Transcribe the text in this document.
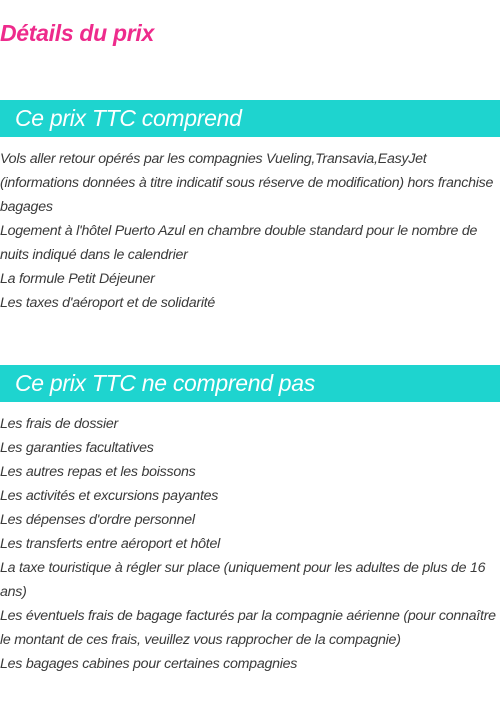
Détails du prix
Ce prix TTC comprend
Vols aller retour opérés par les compagnies Vueling,Transavia,EasyJet (informations données à titre indicatif sous réserve de modification) hors franchise bagages
Logement à l'hôtel Puerto Azul en chambre double standard pour le nombre de nuits indiqué dans le calendrier
La formule Petit Déjeuner
Les taxes d'aéroport et de solidarité
Ce prix TTC ne comprend pas
Les frais de dossier
Les garanties facultatives
Les autres repas et les boissons
Les activités et excursions payantes
Les dépenses d'ordre personnel
Les transferts entre aéroport et hôtel
La taxe touristique à régler sur place (uniquement pour les adultes de plus de 16 ans)
Les éventuels frais de bagage facturés par la compagnie aérienne (pour connaître le montant de ces frais, veuillez vous rapprocher de la compagnie)
Les bagages cabines pour certaines compagnies
